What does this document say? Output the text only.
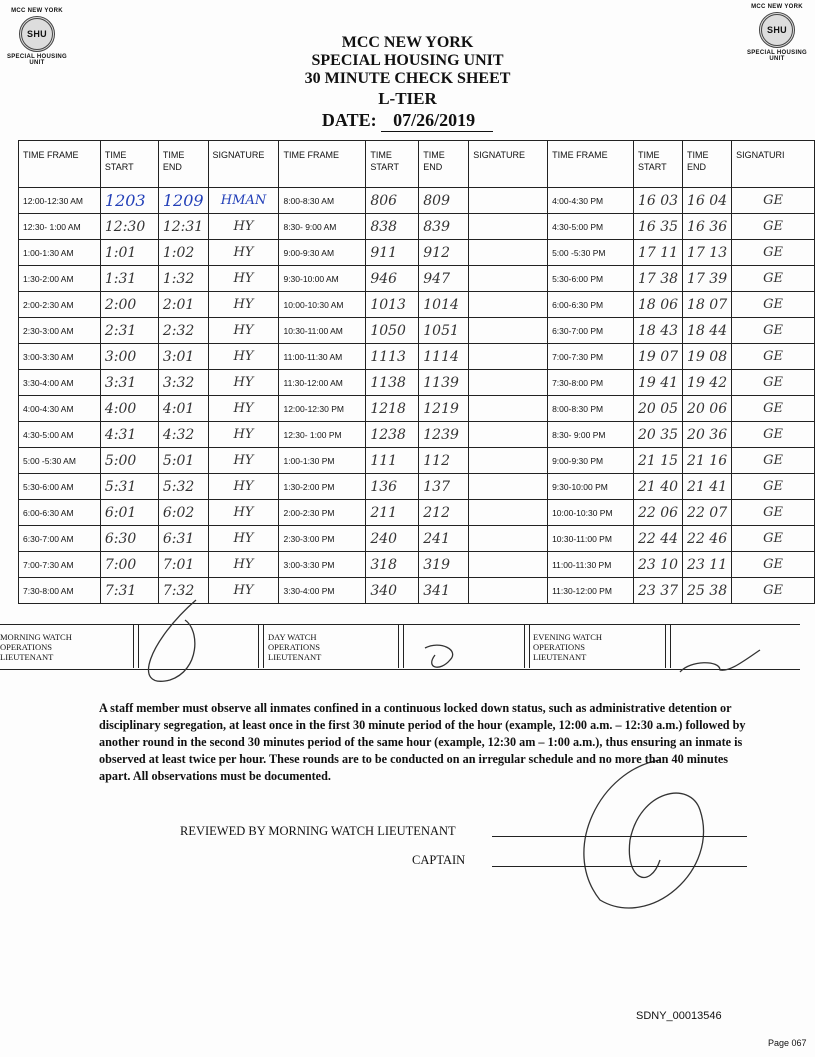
MCC NEW YORK
SHU
SPECIAL HOUSING UNIT
MCC NEW YORK
SHU
SPECIAL HOUSING UNIT
MCC NEW YORK
SPECIAL HOUSING UNIT
30 MINUTE CHECK SHEET
L-TIER
DATE: 07/26/2019
TIME FRAME	TIME START	TIME END	SIGNATURE	TIME FRAME	TIME START	TIME END	SIGNATURE	TIME FRAME	TIME START	TIME END	SIGNATURI
12:00-12:30 AM	1203	1209	HMAN	8:00-8:30 AM	806	809		4:00-4:30 PM	16 03	16 04	GE
12:30- 1:00 AM	12:30	12:31	HY	8:30- 9:00 AM	838	839		4:30-5:00 PM	16 35	16 36	GE
1:00-1:30 AM	1:01	1:02	HY	9:00-9:30 AM	911	912		5:00 -5:30 PM	17 11	17 13	GE
1:30-2:00 AM	1:31	1:32	HY	9:30-10:00 AM	946	947		5:30-6:00 PM	17 38	17 39	GE
2:00-2:30 AM	2:00	2:01	HY	10:00-10:30 AM	1013	1014		6:00-6:30 PM	18 06	18 07	GE
2:30-3:00 AM	2:31	2:32	HY	10:30-11:00 AM	1050	1051		6:30-7:00 PM	18 43	18 44	GE
3:00-3:30 AM	3:00	3:01	HY	11:00-11:30 AM	1113	1114		7:00-7:30 PM	19 07	19 08	GE
3:30-4:00 AM	3:31	3:32	HY	11:30-12:00 AM	1138	1139		7:30-8:00 PM	19 41	19 42	GE
4:00-4:30 AM	4:00	4:01	HY	12:00-12:30 PM	1218	1219		8:00-8:30 PM	20 05	20 06	GE
4:30-5:00 AM	4:31	4:32	HY	12:30- 1:00 PM	1238	1239		8:30- 9:00 PM	20 35	20 36	GE
5:00 -5:30 AM	5:00	5:01	HY	1:00-1:30 PM	111	112		9:00-9:30 PM	21 15	21 16	GE
5:30-6:00 AM	5:31	5:32	HY	1:30-2:00 PM	136	137		9:30-10:00 PM	21 40	21 41	GE
6:00-6:30 AM	6:01	6:02	HY	2:00-2:30 PM	211	212		10:00-10:30 PM	22 06	22 07	GE
6:30-7:00 AM	6:30	6:31	HY	2:30-3:00 PM	240	241		10:30-11:00 PM	22 44	22 46	GE
7:00-7:30 AM	7:00	7:01	HY	3:00-3:30 PM	318	319		11:00-11:30 PM	23 10	23 11	GE
7:30-8:00 AM	7:31	7:32	HY	3:30-4:00 PM	340	341		11:30-12:00 PM	23 37	25 38	GE
MORNING WATCH
OPERATIONS
LIEUTENANT
DAY WATCH
OPERATIONS
LIEUTENANT
EVENING WATCH
OPERATIONS
LIEUTENANT
A staff member must observe all inmates confined in a continuous locked down status, such as administrative detention or disciplinary segregation, at least once in the first 30 minute period of the hour (example, 12:00 a.m. – 12:30 a.m.) followed by another round in the second 30 minutes period of the same hour (example, 12:30 am – 1:00 a.m.), thus ensuring an inmate is observed at least twice per hour. These rounds are to be conducted on an irregular schedule and no more than 40 minutes apart. All observations must be documented.
REVIEWED BY MORNING WATCH LIEUTENANT
CAPTAIN
SDNY_00013546
Page 067
